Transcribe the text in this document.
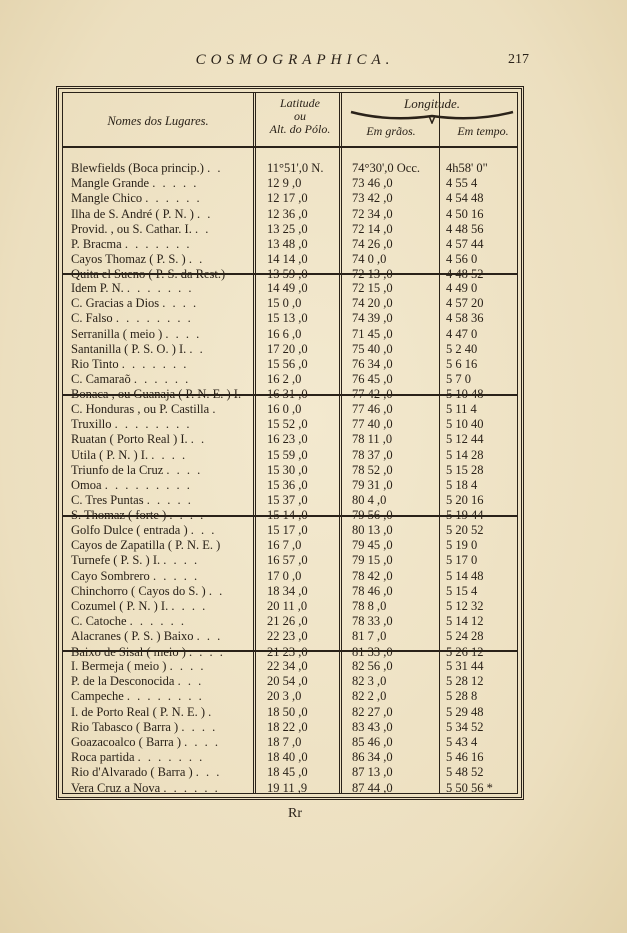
COSMOGRAPHICA.	217
Nomes dos Lugares.
Latitude
ou
Alt. do Pólo.
Longitude.
Em grãos.	Em tempo.
Blewfields (Boca princip.) . .	11°51',0 N.	74°30',0 Occ.	4h58' 0"
Mangle Grande . . . . .	12 9 ,0	73 46 ,0	4 55 4
Mangle Chico . . . . . .	12 17 ,0	73 42 ,0	4 54 48
Ilha de S. André ( P. N. ) . .	12 36 ,0	72 34 ,0	4 50 16
Provid. , ou S. Cathar. I. . .	13 25 ,0	72 14 ,0	4 48 56
P. Bracma . . . . . . .	13 48 ,0	74 26 ,0	4 57 44
Cayos Thomaz ( P. S. ) . .	14 14 ,0	74 0 ,0	4 56 0
Quita el Sueno ( P. S. da Rest.)	13 59 ,0	72 13 ,0	4 48 52
Idem P. N. . . . . . . .	14 49 ,0	72 15 ,0	4 49 0
C. Gracias a Dios . . . .	15 0 ,0	74 20 ,0	4 57 20
C. Falso . . . . . . . .	15 13 ,0	74 39 ,0	4 58 36
Serranilla ( meio ) . . . .	16 6 ,0	71 45 ,0	4 47 0
Santanilla ( P. S. O. ) I. . .	17 20 ,0	75 40 ,0	5 2 40
Rio Tinto . . . . . . .	15 56 ,0	76 34 ,0	5 6 16
C. Camaraõ . . . . . .	16 2 ,0	76 45 ,0	5 7 0
Bonaca , ou Guanaja ( P. N. E. ) I.	16 31 ,0	77 42 ,0	5 10 48
C. Honduras , ou P. Castilla .	16 0 ,0	77 46 ,0	5 11 4
Truxillo . . . . . . . .	15 52 ,0	77 40 ,0	5 10 40
Ruatan ( Porto Real ) I. . .	16 23 ,0	78 11 ,0	5 12 44
Utila ( P. N. ) I. . . . .	15 59 ,0	78 37 ,0	5 14 28
Triunfo de la Cruz . . . .	15 30 ,0	78 52 ,0	5 15 28
Omoa . . . . . . . . .	15 36 ,0	79 31 ,0	5 18 4
C. Tres Puntas . . . . .	15 37 ,0	80 4 ,0	5 20 16
S. Thomaz ( forte ) . . . .	15 14 ,0	79 56 ,0	5 19 44
Golfo Dulce ( entrada ) . . .	15 17 ,0	80 13 ,0	5 20 52
Cayos de Zapatilla ( P. N. E. )	16 7 ,0	79 45 ,0	5 19 0
Turnefe ( P. S. ) I. . . . .	16 57 ,0	79 15 ,0	5 17 0
Cayo Sombrero . . . . .	17 0 ,0	78 42 ,0	5 14 48
Chinchorro ( Cayos do S. ) . .	18 34 ,0	78 46 ,0	5 15 4
Cozumel ( P. N. ) I. . . . .	20 11 ,0	78 8 ,0	5 12 32
C. Catoche . . . . . .	21 26 ,0	78 33 ,0	5 14 12
Alacranes ( P. S. ) Baixo . . .	22 23 ,0	81 7 ,0	5 24 28
Baixo de Sisal ( meio ) . . . .	21 23 ,0	81 33 ,0	5 26 12
I. Bermeja ( meio ) . . . .	22 34 ,0	82 56 ,0	5 31 44
P. de la Desconocida . . .	20 54 ,0	82 3 ,0	5 28 12
Campeche . . . . . . . .	20 3 ,0	82 2 ,0	5 28 8
I. de Porto Real ( P. N. E. ) .	18 50 ,0	82 27 ,0	5 29 48
Rio Tabasco ( Barra ) . . . .	18 22 ,0	83 43 ,0	5 34 52
Goazacoalco ( Barra ) . . . .	18 7 ,0	85 46 ,0	5 43 4
Roca partida . . . . . . .	18 40 ,0	86 34 ,0	5 46 16
Rio d'Alvarado ( Barra ) . . .	18 45 ,0	87 13 ,0	5 48 52
Vera Cruz a Nova . . . . . .	19 11 ,9	87 44 ,0	5 50 56 *
Rr
